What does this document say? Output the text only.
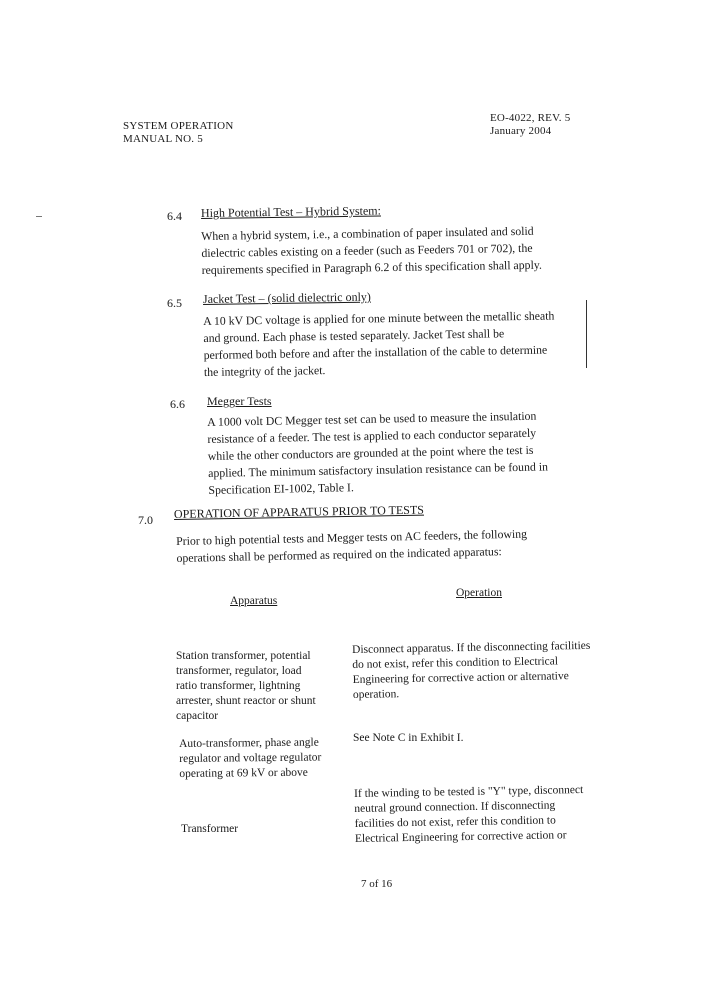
SYSTEM OPERATION
MANUAL NO. 5
EO-4022, REV. 5
January 2004
6.4 High Potential Test – Hybrid System:
When a hybrid system, i.e., a combination of paper insulated and solid
dielectric cables existing on a feeder (such as Feeders 701 or 702), the
requirements specified in Paragraph 6.2 of this specification shall apply.
6.5 Jacket Test – (solid dielectric only)
A 10 kV DC voltage is applied for one minute between the metallic sheath
and ground. Each phase is tested separately. Jacket Test shall be
performed both before and after the installation of the cable to determine
the integrity of the jacket.
6.6 Megger Tests
A 1000 volt DC Megger test set can be used to measure the insulation
resistance of a feeder. The test is applied to each conductor separately
while the other conductors are grounded at the point where the test is
applied. The minimum satisfactory insulation resistance can be found in
Specification EI-1002, Table I.
7.0 OPERATION OF APPARATUS PRIOR TO TESTS
Prior to high potential tests and Megger tests on AC feeders, the following
operations shall be performed as required on the indicated apparatus:
Apparatus
Operation
Station transformer, potential
transformer, regulator, load
ratio transformer, lightning
arrester, shunt reactor or shunt
capacitor
Disconnect apparatus. If the disconnecting facilities
do not exist, refer this condition to Electrical
Engineering for corrective action or alternative
operation.
Auto-transformer, phase angle
regulator and voltage regulator
operating at 69 kV or above
See Note C in Exhibit I.
Transformer
If the winding to be tested is "Y" type, disconnect
neutral ground connection. If disconnecting
facilities do not exist, refer this condition to
Electrical Engineering for corrective action or
7 of 16
